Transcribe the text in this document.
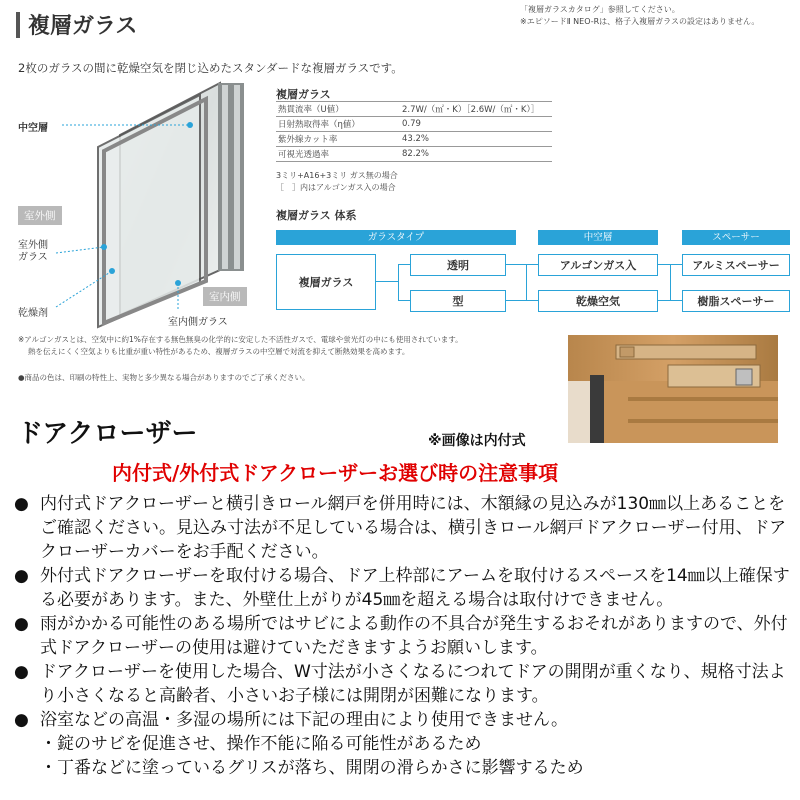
複層ガラス
「複層ガラスカタログ」参照してください。
※エピソードⅡ NEO-Rは、格子入複層ガラスの設定はありません。
2枚のガラスの間に乾燥空気を閉じ込めたスタンダードな複層ガラスです。
中空層
室外側
室外側
ガラス
乾燥剤
室内側
室内側ガラス
複層ガラス
熱貫流率（U値）	2.7W/（㎡・K）［2.6W/（㎡・K）］
日射熱取得率（η値）	0.79
紫外線カット率	43.2%
可視光透過率	82.2%
3ミリ+A16+3ミリ ガス無の場合
［　］内はアルゴンガス入の場合
複層ガラス 体系
ガラスタイプ	中空層	スペーサー
複層ガラス
透明
型
アルゴンガス入
乾燥空気
アルミスペーサー
樹脂スペーサー
※アルゴンガスとは、空気中に約1%存在する無色無臭の化学的に安定した不活性ガスで、電球や蛍光灯の中にも使用されています。
熱を伝えにくく空気よりも比重が重い特性があるため、複層ガラスの中空層で対流を抑えて断熱効果を高めます。
●商品の色は、印刷の特性上、実物と多少異なる場合がありますのでご了承ください。
ドアクローザー	※画像は内付式
内付式/外付式ドアクローザーお選び時の注意事項

● 内付式ドアクローザーと横引きロール網戸を併用時には、木額縁の見込みが130㎜以上あることをご確認ください。見込み寸法が不足している場合は、横引きロール網戸ドアクローザー付用、ドアクローザーカバーをお手配ください。

● 外付式ドアクローザーを取付ける場合、ドア上枠部にアームを取付けるスペースを14㎜以上確保する必要があります。また、外壁仕上がりが45㎜を超える場合は取付けできません。

● 雨がかかる可能性のある場所ではサビによる動作の不具合が発生するおそれがありますので、外付式ドアクローザーの使用は避けていただきますようお願いします。

● ドアクローザーを使用した場合、W寸法が小さくなるにつれてドアの開閉が重くなり、規格寸法より小さくなると高齢者、小さいお子様には開閉が困難になります。

● 浴室などの高温・多湿の場所には下記の理由により使用できません。

・錠のサビを促進させ、操作不能に陥る可能性があるため

・丁番などに塗っているグリスが落ち、開閉の滑らかさに影響するため
